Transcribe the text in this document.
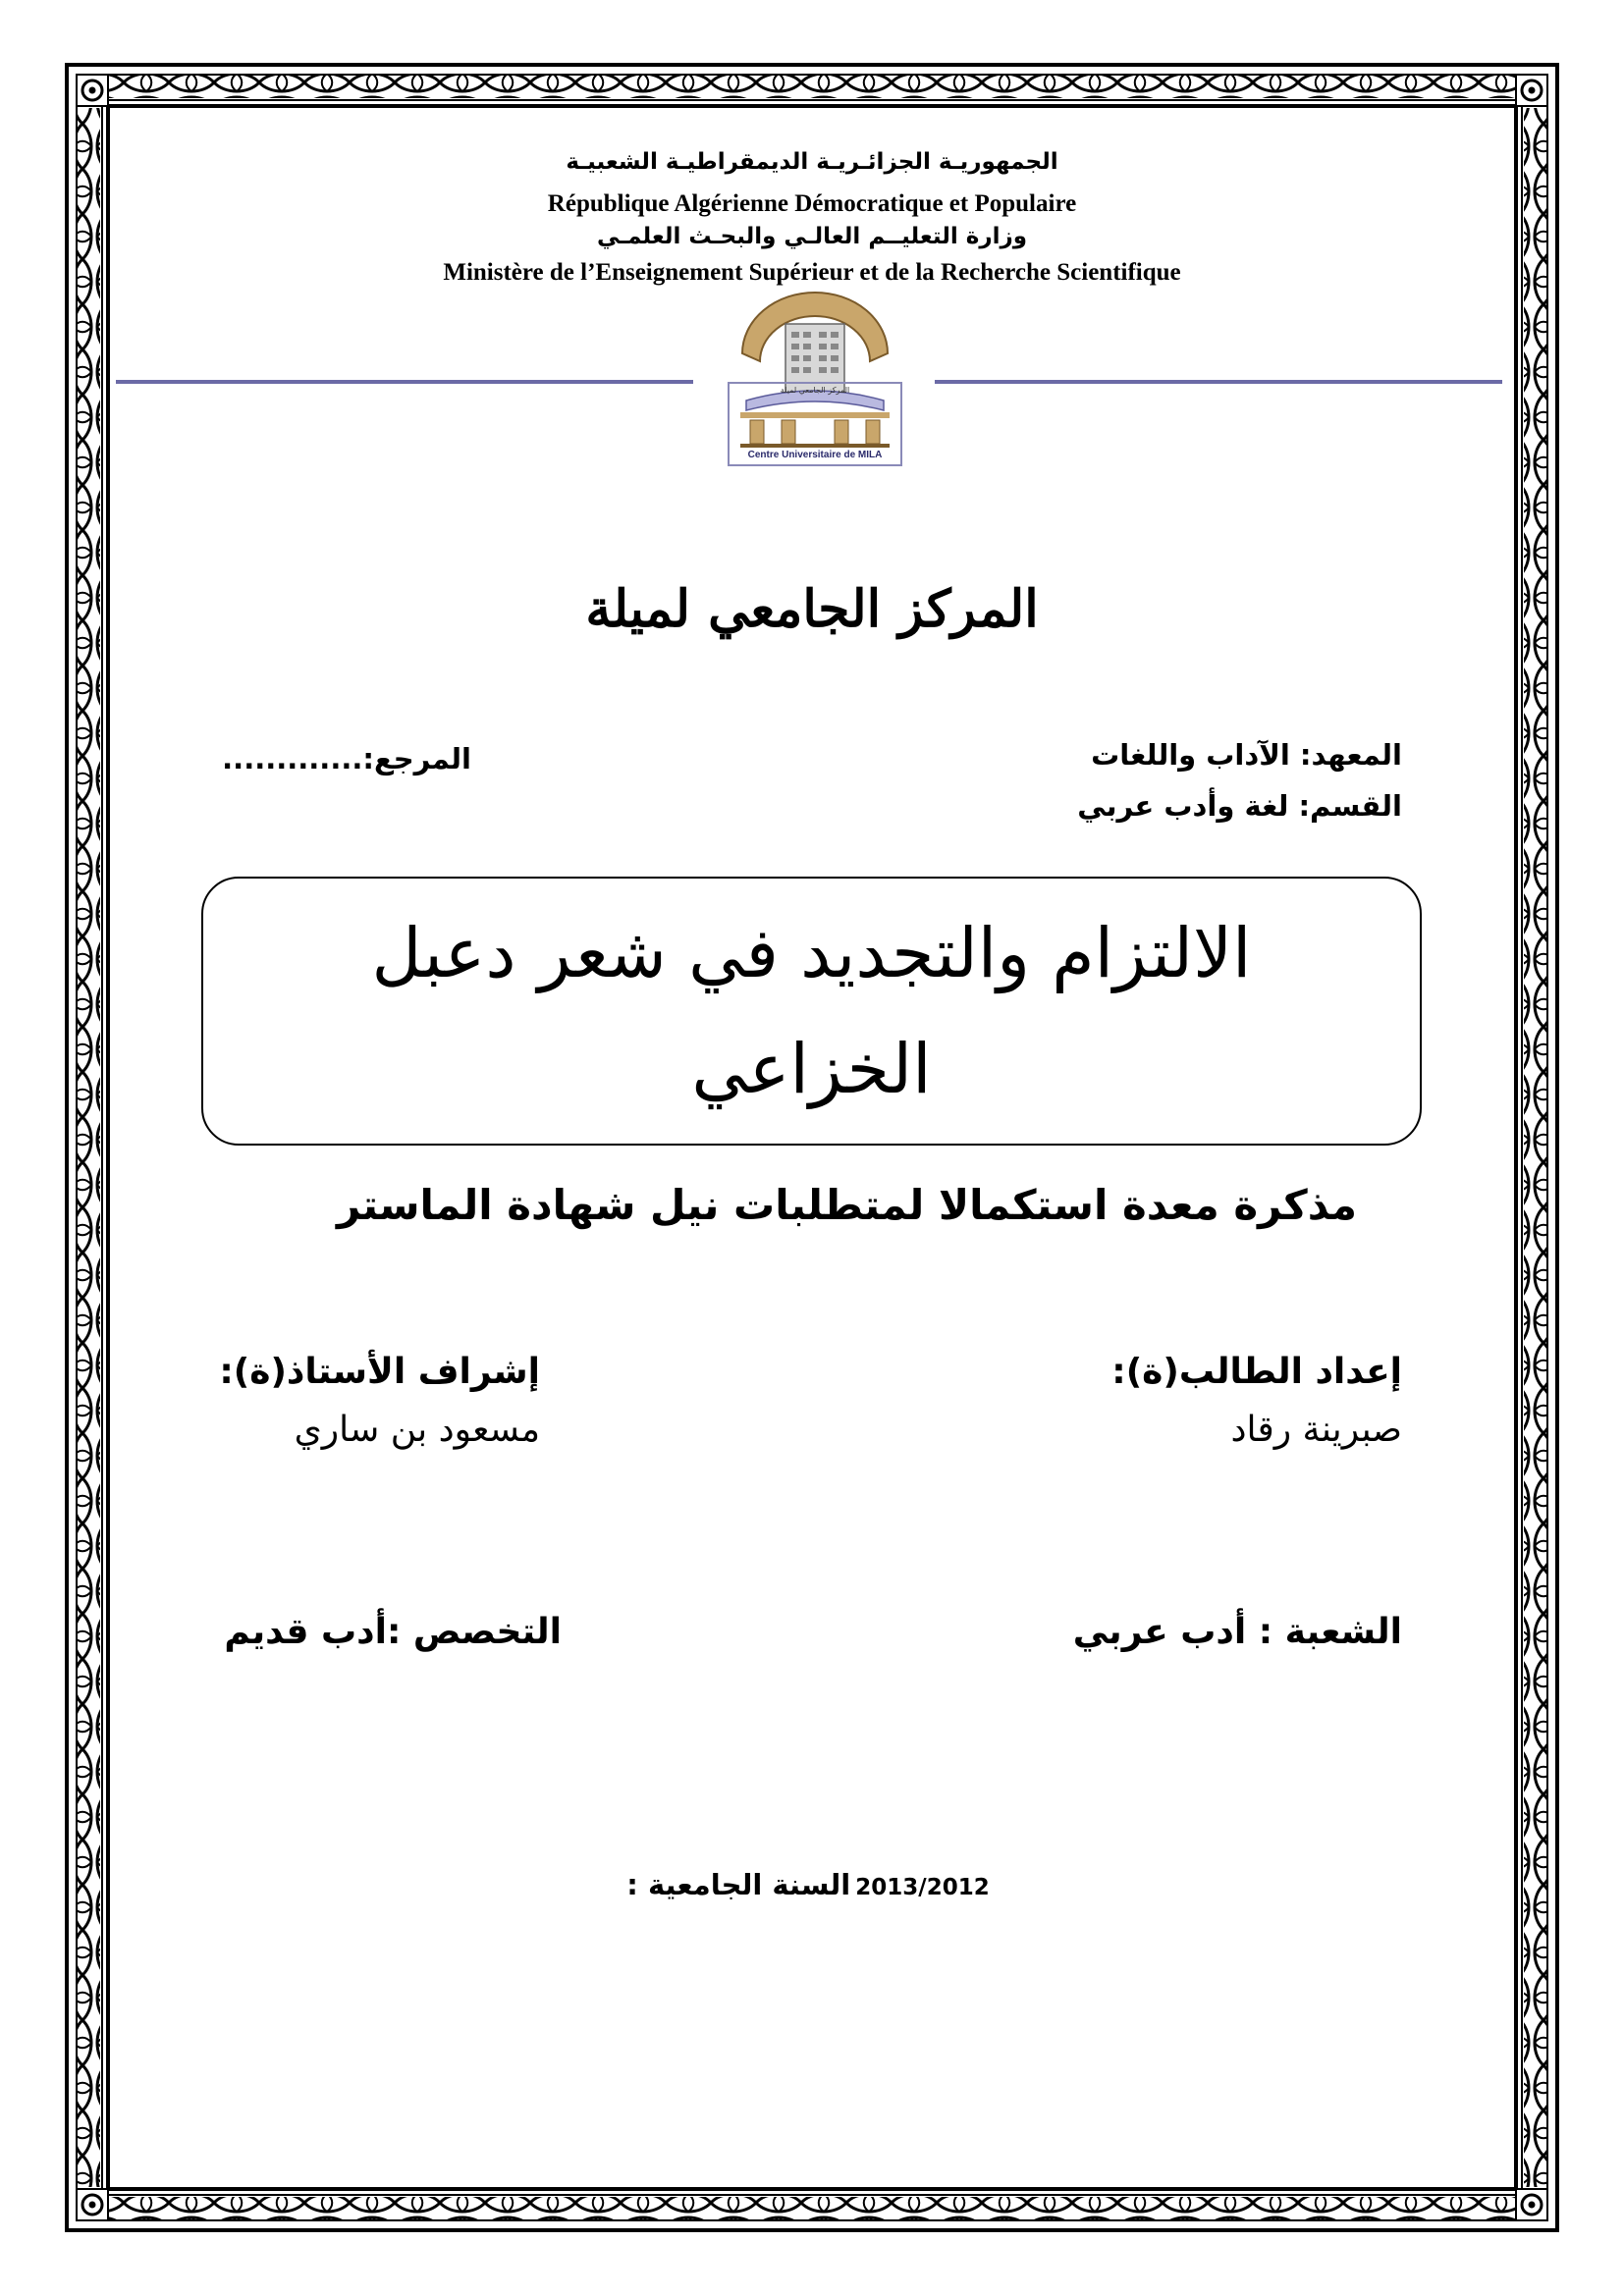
الجمهوريـة الجزائـريـة الديمقراطيـة الشعبيـة
République Algérienne Démocratique et Populaire
وزارة التعليــم العالـي والبحـث العلمـي
Ministère de l’Enseignement Supérieur et de la Recherche Scientifique
المركز الجامعي لميلة
Centre Universitaire de MILA
المركز الجامعي لميلة
المعهد: الآداب واللغات
القسم: لغة وأدب عربي
المرجع:.............
الالتزام والتجديد في شعر دعبل الخزاعي
مذكرة معدة استكمالا لمتطلبات نيل شهادة الماستر
إعداد الطالب(ة):
صبرينة رقاد
إشراف الأستاذ(ة):
مسعود بن ساري
الشعبة : أدب عربي
التخصص :أدب قديم
السنة الجامعية : 2013/2012
